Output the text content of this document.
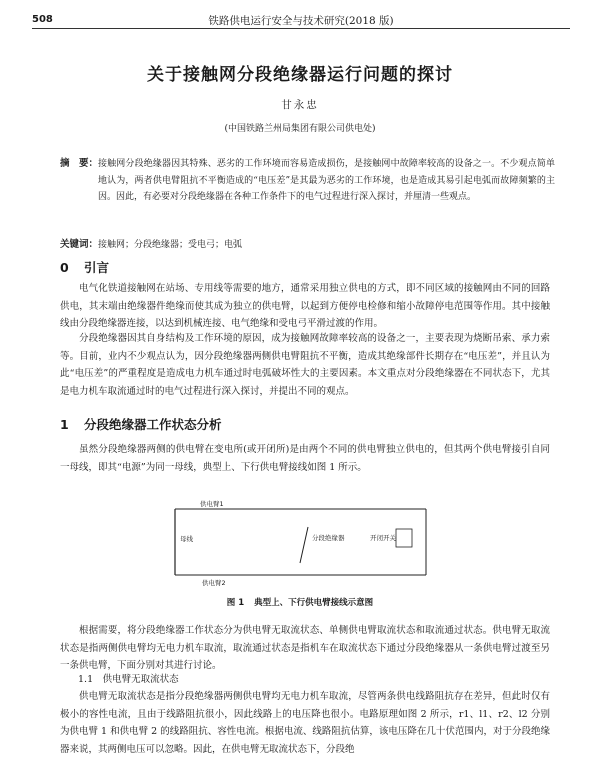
508	铁路供电运行安全与技术研究(2018 版)
关于接触网分段绝缘器运行问题的探讨
甘永忠
(中国铁路兰州局集团有限公司供电处)
摘　要： 接触网分段绝缘器因其特殊、恶劣的工作环境而容易造成损伤，是接触网中故障率较高的设备之一。不少观点简单地认为，两者供电臂阻抗不平衡造成的“电压差”是其最为恶劣的工作环境，也是造成其易引起电弧而故障频繁的主因。因此，有必要对分段绝缘器在各种工作条件下的电气过程进行深入探讨，并厘清一些观点。
关键词：接触网；分段绝缘器；受电弓；电弧
0 引言
电气化铁道接触网在站场、专用线等需要的地方，通常采用独立供电的方式，即不同区域的接触网由不同的回路供电，其末端由绝缘器件绝缘而使其成为独立的供电臂，以起到方便停电检修和缩小故障停电范围等作用。其中接触线由分段绝缘器连接，以达到机械连接、电气绝缘和受电弓平滑过渡的作用。
分段绝缘器因其自身结构及工作环境的原因，成为接触网故障率较高的设备之一，主要表现为烧断吊索、承力索等。目前，业内不少观点认为，因分段绝缘器两侧供电臂阻抗不平衡，造成其绝缘部件长期存在“电压差”，并且认为此“电压差”的严重程度是造成电力机车通过时电弧破坏性大的主要因素。本文重点对分段绝缘器在不同状态下，尤其是电力机车取流通过时的电气过程进行深入探讨，并提出不同的观点。
1 分段绝缘器工作状态分析
虽然分段绝缘器两侧的供电臂在变电所(或开闭所)是由两个不同的供电臂独立供电的，但其两个供电臂接引自同一母线，即其“电源”为同一母线，典型上、下行供电臂接线如图 1 所示。
供电臂1
供电臂2
母线	分段绝缘器	开闭开关
图 1 典型上、下行供电臂接线示意图
根据需要，将分段绝缘器工作状态分为供电臂无取流状态、单侧供电臂取流状态和取流通过状态。供电臂无取流状态是指两侧供电臂均无电力机车取流，取流通过状态是指机车在取流状态下通过分段绝缘器从一条供电臂过渡至另一条供电臂，下面分别对其进行讨论。
1.1　供电臂无取流状态
供电臂无取流状态是指分段绝缘器两侧供电臂均无电力机车取流，尽管两条供电线路阻抗存在差异，但此时仅有极小的容性电流，且由于线路阻抗很小，因此线路上的电压降也很小。电路原理如图 2 所示，r1、l1、r2、l2 分别为供电臂 1 和供电臂 2 的线路阻抗、容性电流。根据电流、线路阻抗估算，该电压降在几十伏范围内，对于分段绝缘器来说，其两侧电压可以忽略。因此，在供电臂无取流状态下，分段绝
